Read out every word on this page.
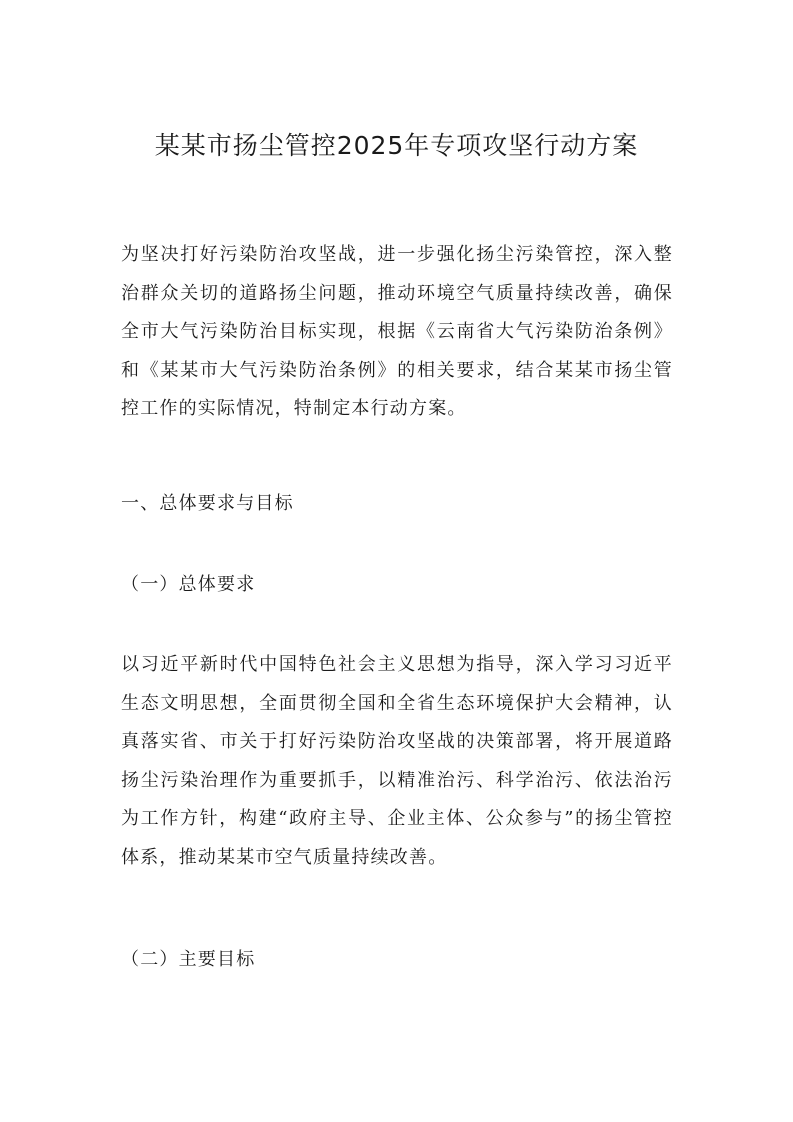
某某市扬尘管控2025年专项攻坚行动方案

为坚决打好污染防治攻坚战，进一步强化扬尘污染管控，深入整治群众关切的道路扬尘问题，推动环境空气质量持续改善，确保全市大气污染防治目标实现，根据《云南省大气污染防治条例》和《某某市大气污染防治条例》的相关要求，结合某某市扬尘管控工作的实际情况，特制定本行动方案。

一、总体要求与目标
（一）总体要求

以习近平新时代中国特色社会主义思想为指导，深入学习习近平生态文明思想，全面贯彻全国和全省生态环境保护大会精神，认真落实省、市关于打好污染防治攻坚战的决策部署，将开展道路扬尘污染治理作为重要抓手，以精准治污、科学治污、依法治污为工作方针，构建“政府主导、企业主体、公众参与”的扬尘管控体系，推动某某市空气质量持续改善。

（二）主要目标
